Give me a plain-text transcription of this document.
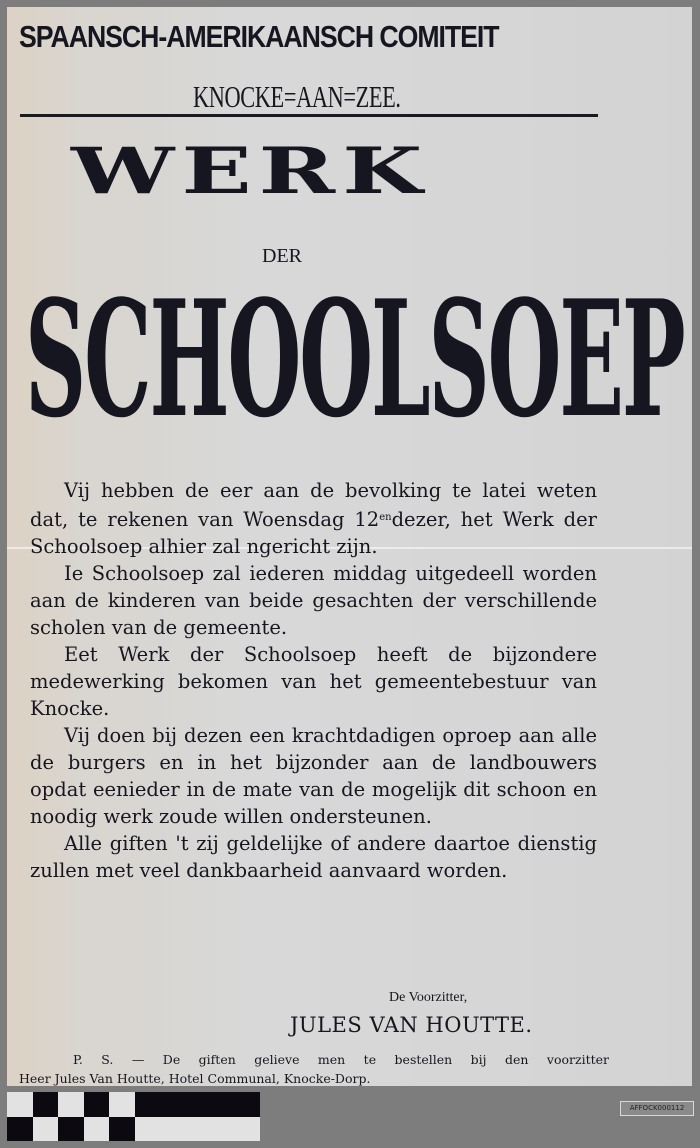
SPAANSCH-AMERIKAANSCH COMITEIT
KNOCKE=AAN=ZEE.
WERK
DER
SCHOOLSOEP

Vij hebben de eer aan de bevolking te latei weten dat, te rekenen van Woensdag $12^{en}dezer$, het Werk der Schoolsoep alhier zal ngericht zijn.

Ie Schoolsoep zal iederen middag uitgedeell worden aan de kinderen van beide gesachten der verschillende scholen van de gemeente.

Eet Werk der Schoolsoep heeft de bijzondere medewerking bekomen van het gemeentebestuur van Knocke.

Vij doen bij dezen een krachtdadigen oproep aan alle de burgers en in het bijzonder aan de landbouwers opdat eenieder in de mate van de mogelijk dit schoon en noodig werk zoude willen ondersteunen.

Alle giften 't zij geldelijke of andere daartoe dienstig zullen met veel dankbaarheid aanvaard worden.

De Voorzitter,
JULES VAN HOUTTE.
P. S. — De giften gelieve men te bestellen bij den voorzitter
Heer Jules Van Houtte, Hotel Communal, Knocke-Dorp.
AFFOCK000112
